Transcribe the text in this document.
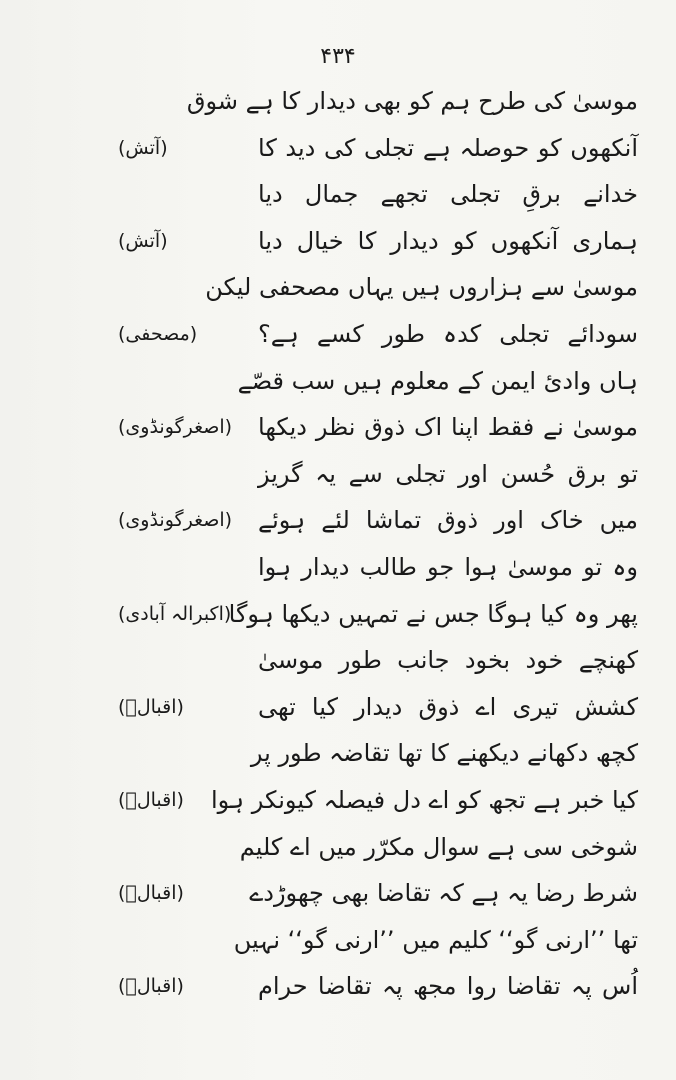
۴۳۴
موسیٰ کی طرح ہم کو بھی دیدار کا ہے شوق
آنکھوں کو حوصلہ ہے تجلی کی دید کا
خدانے برقِ تجلی تجھے جمال دیا
ہماری آنکھوں کو دیدار کا خیال دیا
موسیٰ سے ہزاروں ہیں یہاں مصحفی لیکن
سودائے تجلی کدہ طور کسے ہے؟
ہاں وادیٔ ایمن کے معلوم ہیں سب قصّے
موسیٰ نے فقط اپنا اک ذوق نظر دیکھا
تو برق حُسن اور تجلی سے یہ گریز
میں خاک اور ذوق تماشا لئے ہوئے
وہ تو موسیٰ ہوا جو طالب دیدار ہوا
پھر وہ کیا ہوگا جس نے تمہیں دیکھا ہوگا
کھنچے خود بخود جانب طور موسیٰ
کشش تیری اے ذوق دیدار کیا تھی
کچھ دکھانے دیکھنے کا تھا تقاضہ طور پر
کیا خبر ہے تجھ کو اے دل فیصلہ کیونکر ہوا
شوخی سی ہے سوال مکرّر میں اے کلیم
شرط رضا یہ ہے کہ تقاضا بھی چھوڑدے
تھا ’’ارنی گو‘‘ کلیم میں ’’ارنی گو‘‘ نہیں
اُس پہ تقاضا روا مجھ پہ تقاضا حرام
(آتش)
(آتش)
(مصحفی)
(اصغرگونڈوی)
(اصغرگونڈوی)
(اکبرالہ آبادی)
(اقبالؔ)
(اقبالؔ)
(اقبالؔ)
(اقبالؔ)
